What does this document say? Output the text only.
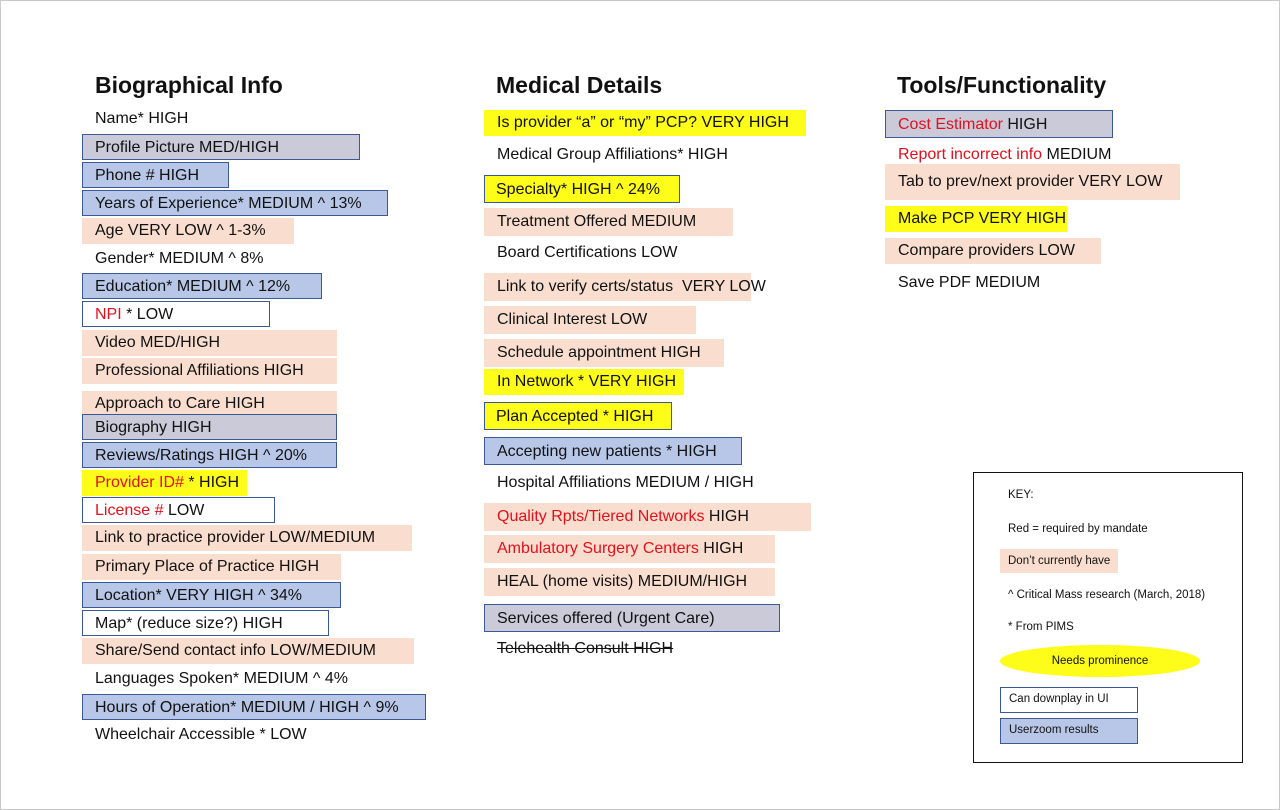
Biographical Info
Name* HIGH
Profile Picture MED/HIGH
Phone # HIGH
Years of Experience* MEDIUM ^ 13%
Age VERY LOW ^ 1-3%
Gender* MEDIUM ^ 8%
Education* MEDIUM ^ 12%
NPI * LOW
Video MED/HIGH
Professional Affiliations HIGH
Approach to Care HIGH
Biography HIGH
Reviews/Ratings HIGH ^ 20%
Provider ID# * HIGH
License # LOW
Link to practice provider LOW/MEDIUM
Primary Place of Practice HIGH
Location* VERY HIGH ^ 34%
Map* (reduce size?) HIGH
Share/Send contact info LOW/MEDIUM
Languages Spoken* MEDIUM ^ 4%
Hours of Operation* MEDIUM / HIGH ^ 9%
Wheelchair Accessible * LOW
Medical Details
Is provider “a” or “my” PCP? VERY HIGH
Medical Group Affiliations* HIGH
Specialty* HIGH ^ 24%
Treatment Offered MEDIUM
Board Certifications LOW
Link to verify certs/status  VERY LOW
Clinical Interest LOW
Schedule appointment HIGH
In Network * VERY HIGH
Plan Accepted * HIGH
Accepting new patients * HIGH
Hospital Affiliations MEDIUM / HIGH
Quality Rpts/Tiered Networks HIGH
Ambulatory Surgery Centers HIGH
HEAL (home visits) MEDIUM/HIGH
Services offered (Urgent Care)
Telehealth Consult HIGH
Tools/Functionality
Cost Estimator HIGH
Report incorrect info MEDIUM
Tab to prev/next provider VERY LOW
Make PCP VERY HIGH
Compare providers LOW
Save PDF MEDIUM
KEY:
Red = required by mandate
Don’t currently have
^ Critical Mass research (March, 2018)
* From PIMS
Needs prominence
Can downplay in UI
Userzoom results
